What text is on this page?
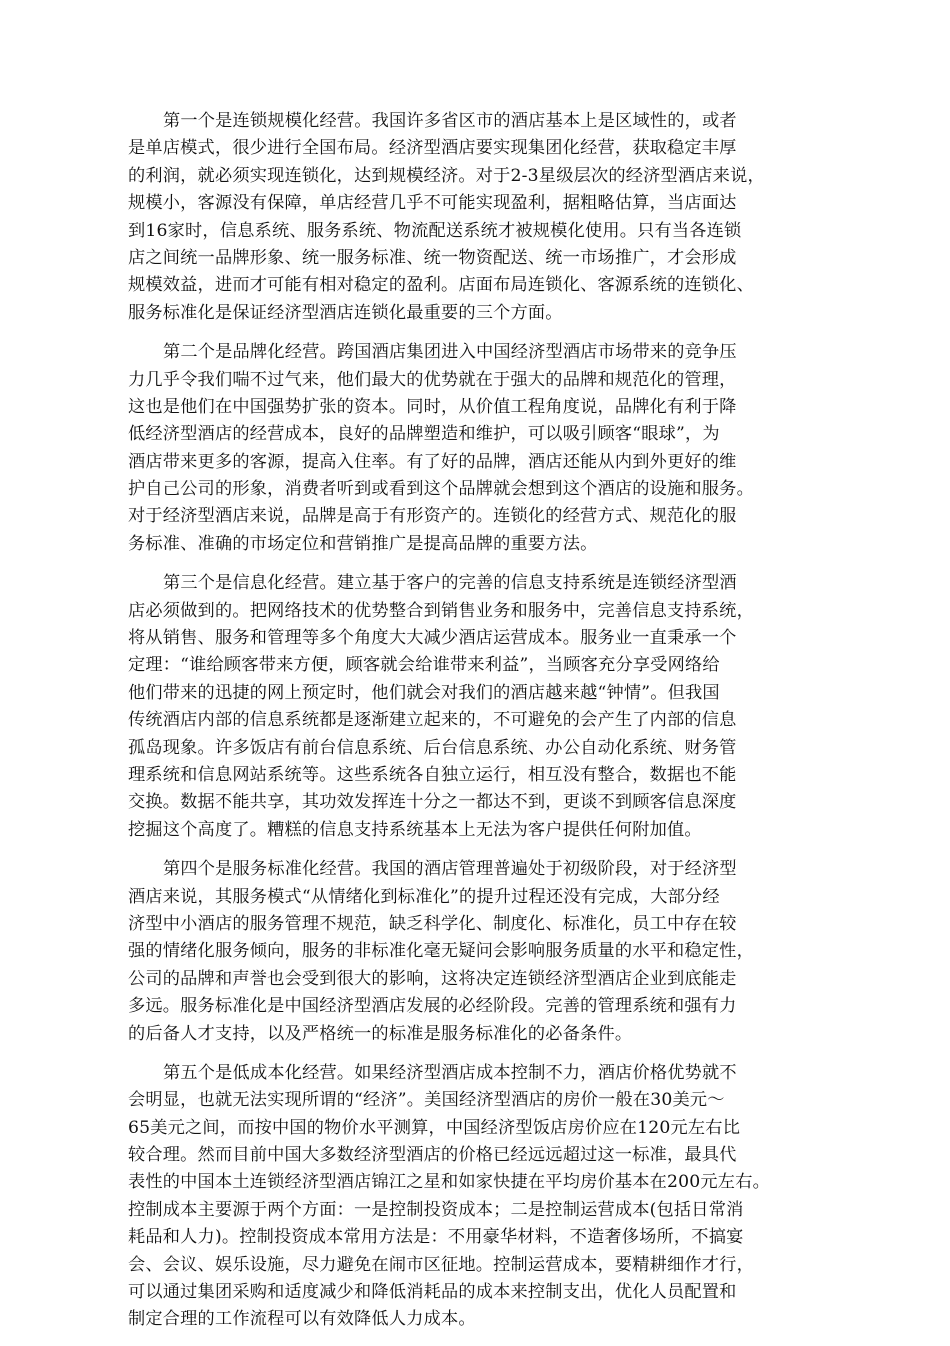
第一个是连锁规模化经营。我国许多省区市的酒店基本上是区域性的，或者
是单店模式，很少进行全国布局。经济型酒店要实现集团化经营，获取稳定丰厚
的利润，就必须实现连锁化，达到规模经济。对于2-3星级层次的经济型酒店来说，
规模小，客源没有保障，单店经营几乎不可能实现盈利，据粗略估算，当店面达
到16家时，信息系统、服务系统、物流配送系统才被规模化使用。只有当各连锁
店之间统一品牌形象、统一服务标准、统一物资配送、统一市场推广，才会形成
规模效益，进而才可能有相对稳定的盈利。店面布局连锁化、客源系统的连锁化、
服务标准化是保证经济型酒店连锁化最重要的三个方面。
第二个是品牌化经营。跨国酒店集团进入中国经济型酒店市场带来的竞争压
力几乎令我们喘不过气来，他们最大的优势就在于强大的品牌和规范化的管理，
这也是他们在中国强势扩张的资本。同时，从价值工程角度说，品牌化有利于降
低经济型酒店的经营成本，良好的品牌塑造和维护，可以吸引顾客“眼球”，为
酒店带来更多的客源，提高入住率。有了好的品牌，酒店还能从内到外更好的维
护自己公司的形象，消费者听到或看到这个品牌就会想到这个酒店的设施和服务。
对于经济型酒店来说，品牌是高于有形资产的。连锁化的经营方式、规范化的服
务标准、准确的市场定位和营销推广是提高品牌的重要方法。
第三个是信息化经营。建立基于客户的完善的信息支持系统是连锁经济型酒
店必须做到的。把网络技术的优势整合到销售业务和服务中，完善信息支持系统，
将从销售、服务和管理等多个角度大大减少酒店运营成本。服务业一直秉承一个
定理：“谁给顾客带来方便，顾客就会给谁带来利益”，当顾客充分享受网络给
他们带来的迅捷的网上预定时，他们就会对我们的酒店越来越“钟情”。但我国
传统酒店内部的信息系统都是逐渐建立起来的，不可避免的会产生了内部的信息
孤岛现象。许多饭店有前台信息系统、后台信息系统、办公自动化系统、财务管
理系统和信息网站系统等。这些系统各自独立运行，相互没有整合，数据也不能
交换。数据不能共享，其功效发挥连十分之一都达不到，更谈不到顾客信息深度
挖掘这个高度了。糟糕的信息支持系统基本上无法为客户提供任何附加值。
第四个是服务标准化经营。我国的酒店管理普遍处于初级阶段，对于经济型
酒店来说，其服务模式“从情绪化到标准化”的提升过程还没有完成，大部分经
济型中小酒店的服务管理不规范，缺乏科学化、制度化、标准化，员工中存在较
强的情绪化服务倾向，服务的非标准化毫无疑问会影响服务质量的水平和稳定性，
公司的品牌和声誉也会受到很大的影响，这将决定连锁经济型酒店企业到底能走
多远。服务标准化是中国经济型酒店发展的必经阶段。完善的管理系统和强有力
的后备人才支持，以及严格统一的标准是服务标准化的必备条件。
第五个是低成本化经营。如果经济型酒店成本控制不力，酒店价格优势就不
会明显，也就无法实现所谓的“经济”。美国经济型酒店的房价一般在30美元～
65美元之间，而按中国的物价水平测算，中国经济型饭店房价应在120元左右比
较合理。然而目前中国大多数经济型酒店的价格已经远远超过这一标准，最具代
表性的中国本土连锁经济型酒店锦江之星和如家快捷在平均房价基本在200元左右。
控制成本主要源于两个方面：一是控制投资成本；二是控制运营成本(包括日常消
耗品和人力)。控制投资成本常用方法是：不用豪华材料，不造奢侈场所，不搞宴
会、会议、娱乐设施，尽力避免在闹市区征地。控制运营成本，要精耕细作才行，
可以通过集团采购和适度减少和降低消耗品的成本来控制支出，优化人员配置和
制定合理的工作流程可以有效降低人力成本。
